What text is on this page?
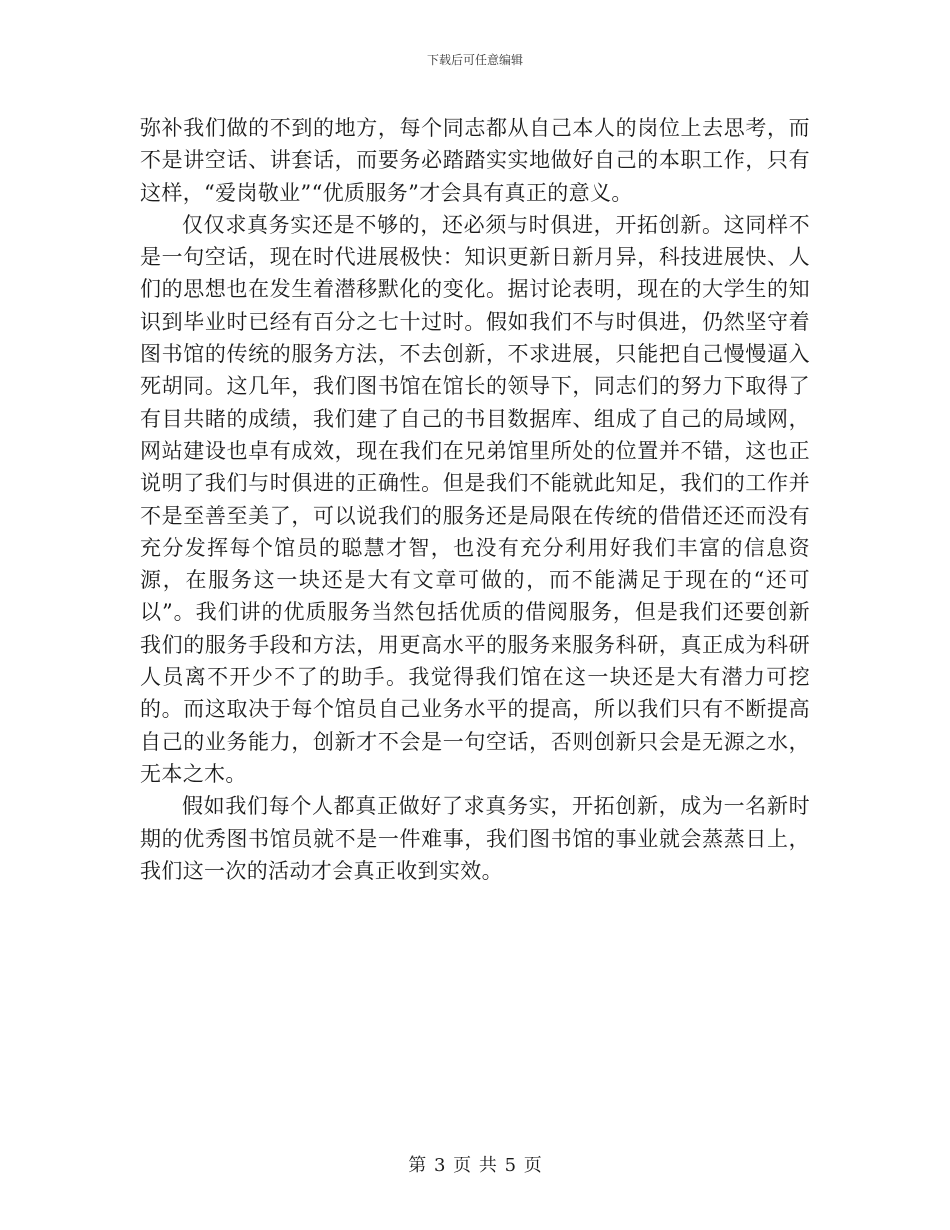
下载后可任意编辑

弥补我们做的不到的地方，每个同志都从自己本人的岗位上去思考，而不是讲空话、讲套话，而要务必踏踏实实地做好自己的本职工作，只有这样，“爱岗敬业”“优质服务”才会具有真正的意义。

仅仅求真务实还是不够的，还必须与时俱进，开拓创新。这同样不是一句空话，现在时代进展极快：知识更新日新月异，科技进展快、人们的思想也在发生着潜移默化的变化。据讨论表明，现在的大学生的知识到毕业时已经有百分之七十过时。假如我们不与时俱进，仍然坚守着图书馆的传统的服务方法，不去创新，不求进展，只能把自己慢慢逼入死胡同。这几年，我们图书馆在馆长的领导下，同志们的努力下取得了有目共睹的成绩，我们建了自己的书目数据库、组成了自己的局域网，网站建设也卓有成效，现在我们在兄弟馆里所处的位置并不错，这也正说明了我们与时俱进的正确性。但是我们不能就此知足，我们的工作并不是至善至美了，可以说我们的服务还是局限在传统的借借还还而没有充分发挥每个馆员的聪慧才智，也没有充分利用好我们丰富的信息资源，在服务这一块还是大有文章可做的，而不能满足于现在的“还可以”。我们讲的优质服务当然包括优质的借阅服务，但是我们还要创新我们的服务手段和方法，用更高水平的服务来服务科研，真正成为科研人员离不开少不了的助手。我觉得我们馆在这一块还是大有潜力可挖的。而这取决于每个馆员自己业务水平的提高，所以我们只有不断提高自己的业务能力，创新才不会是一句空话，否则创新只会是无源之水，无本之木。

假如我们每个人都真正做好了求真务实，开拓创新，成为一名新时期的优秀图书馆员就不是一件难事，我们图书馆的事业就会蒸蒸日上，我们这一次的活动才会真正收到实效。

第 3 页 共 5 页
